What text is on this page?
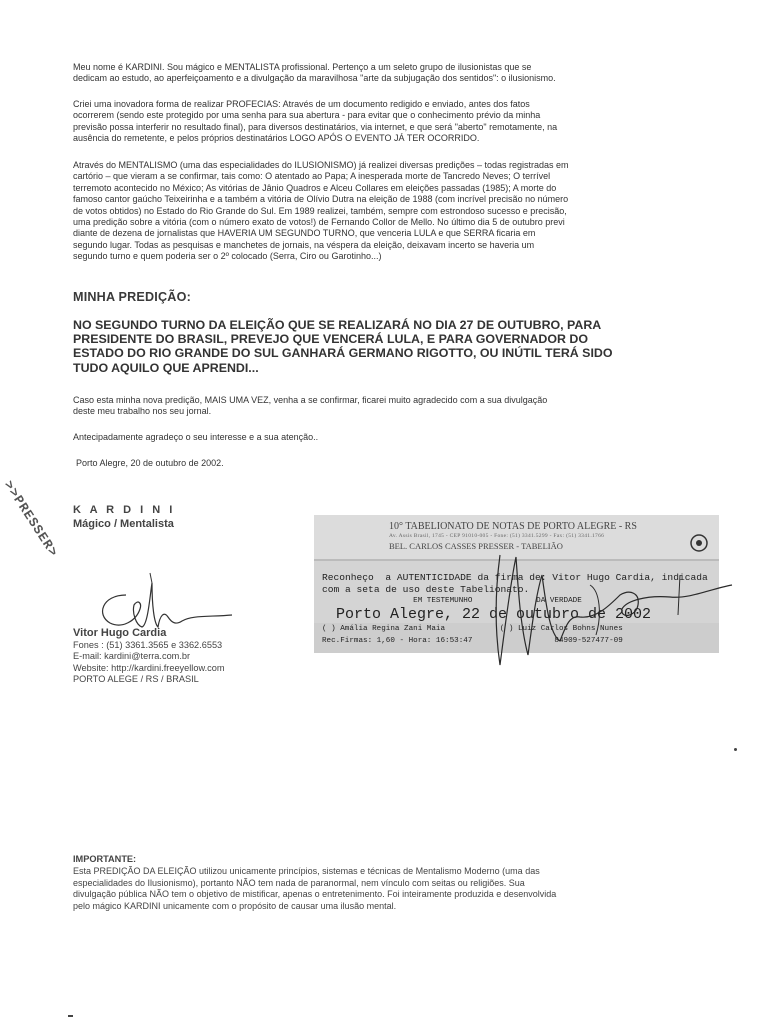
Meu nome é KARDINI. Sou mágico e MENTALISTA profissional. Pertenço a um seleto grupo de ilusionistas que se
dedicam ao estudo, ao aperfeiçoamento e a divulgação da maravilhosa "arte da subjugação dos sentidos": o ilusionismo.

Criei uma inovadora forma de realizar PROFECIAS: Através de um documento redigido e enviado, antes dos fatos
ocorrerem (sendo este protegido por uma senha para sua abertura - para evitar que o conhecimento prévio da minha
previsão possa interferir no resultado final), para diversos destinatários, via internet, e que será "aberto" remotamente, na
ausência do remetente, e pelos próprios destinatários LOGO APÓS O EVENTO JÁ TER OCORRIDO.

Através do MENTALISMO (uma das especialidades do ILUSIONISMO) já realizei diversas predições – todas registradas em
cartório – que vieram a se confirmar, tais como: O atentado ao Papa; A inesperada morte de Tancredo Neves; O terrível
terremoto acontecido no México; As vitórias de Jânio Quadros e Alceu Collares em eleições passadas (1985); A morte do
famoso cantor gaúcho Teixeirinha e a também a vitória de Olívio Dutra na eleição de 1988 (com incrível precisão no número
de votos obtidos) no Estado do Rio Grande do Sul. Em 1989 realizei, também, sempre com estrondoso sucesso e precisão,
uma predição sobre a vitória (com o número exato de votos!) de Fernando Collor de Mello. No último dia 5 de outubro previ
diante de dezena de jornalistas que HAVERIA UM SEGUNDO TURNO, que venceria LULA e que SERRA ficaria em
segundo lugar. Todas as pesquisas e manchetes de jornais, na véspera da eleição, deixavam incerto se haveria um
segundo turno e quem poderia ser o 2º colocado (Serra, Ciro ou Garotinho...)

MINHA PREDIÇÃO:

NO SEGUNDO TURNO DA ELEIÇÃO QUE SE REALIZARÁ NO DIA 27 DE OUTUBRO, PARA
PRESIDENTE DO BRASIL, PREVEJO QUE VENCERÁ LULA, E PARA GOVERNADOR DO
ESTADO DO RIO GRANDE DO SUL GANHARÁ GERMANO RIGOTTO, OU INÚTIL TERÁ SIDO
TUDO AQUILO QUE APRENDI...

Caso esta minha nova predição, MAIS UMA VEZ, venha a se confirmar, ficarei muito agradecido com a sua divulgação
deste meu trabalho nos seu jornal.

Antecipadamente agradeço o seu interesse e a sua atenção..

Porto Alegre, 20 de outubro de 2002.

>>PRESSER> K A R D I N I

Mágico / Mentalista

Vitor Hugo Cardia
Fones : (51) 3361.3565 e 3362.6553
E-mail: kardini@terra.com.br
Website: http://kardini.freeyellow.com
PORTO ALEGE / RS / BRASIL
10° TABELIONATO DE NOTAS DE PORTO ALEGRE - RS
Av. Assis Brasil, 1745 - CEP 91010-005 - Fone: (51) 3341.5299 - Fax: (51) 3341.1766
BEL. CARLOS CASSES PRESSER - TABELIÃO
Reconheço  a AUTENTICIDADE da firma de: Vitor Hugo Cardia, indicada
com a seta de uso deste Tabelionato.
EM TESTEMUNHO              DA VERDADE
Porto Alegre, 22 de outubro de 2002
( ) Amália Regina Zani Maia            ( ) Luiz Carlos Bohns Nunes
Rec.Firmas: 1,60 - Hora: 16:53:47                  84909-527477-09

IMPORTANTE:

Esta PREDIÇÃO DA ELEIÇÃO utilizou unicamente princípios, sistemas e técnicas de Mentalismo Moderno (uma das
especialidades do Ilusionismo), portanto NÃO tem nada de paranormal, nem vínculo com seitas ou religiões. Sua
divulgação pública NÃO tem o objetivo de mistificar, apenas o entretenimento. Foi inteiramente produzida e desenvolvida
pelo mágico KARDINI unicamente com o propósito de causar uma ilusão mental.
